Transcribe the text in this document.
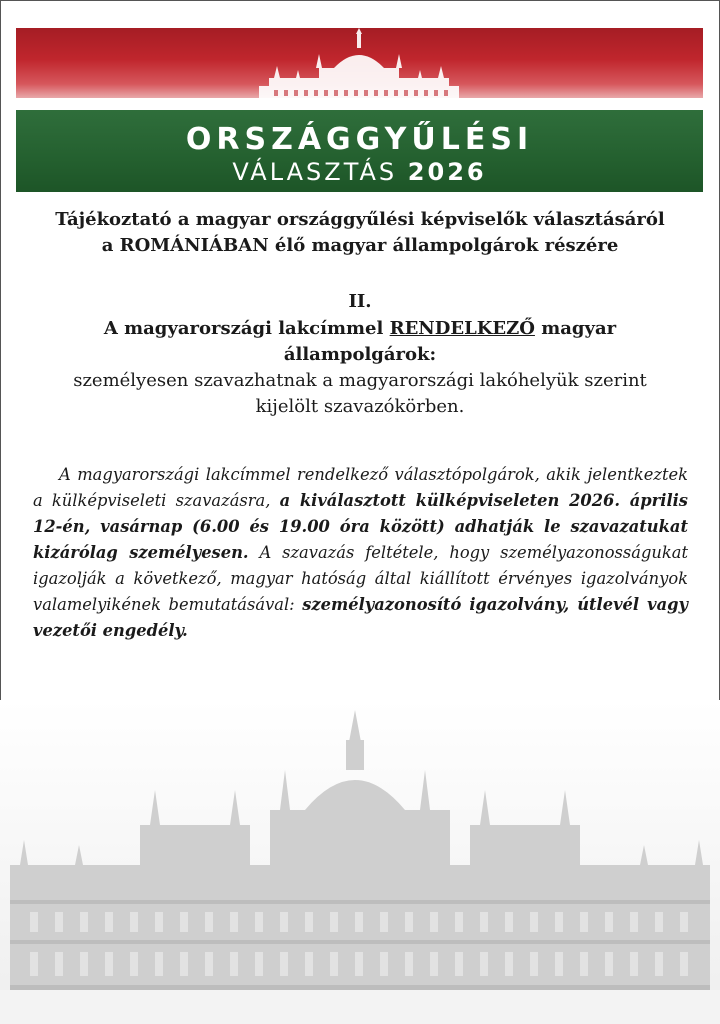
ORSZÁGGYŰLÉSI
VÁLASZTÁS 2026
Tájékoztató a magyar országgyűlési képviselők választásáról
a ROMÁNIÁBAN élő magyar állampolgárok részére
II.
A magyarországi lakcímmel RENDELKEZŐ magyar
állampolgárok:
személyesen szavazhatnak a magyarországi lakóhelyük szerint
kijelölt szavazókörben.
A magyarországi lakcímmel rendelkező választópolgárok, akik jelentkeztek a külképviseleti szavazásra, a kiválasztott külképviseleten 2026. április 12-én, vasárnap (6.00 és 19.00 óra között) adhatják le szavazatukat kizárólag személyesen. A szavazás feltétele, hogy személyazonosságukat igazolják a következő, magyar hatóság által kiállított érvényes igazolványok valamelyikének bemutatásával: személyazonosító igazolvány, útlevél vagy vezetői engedély.
